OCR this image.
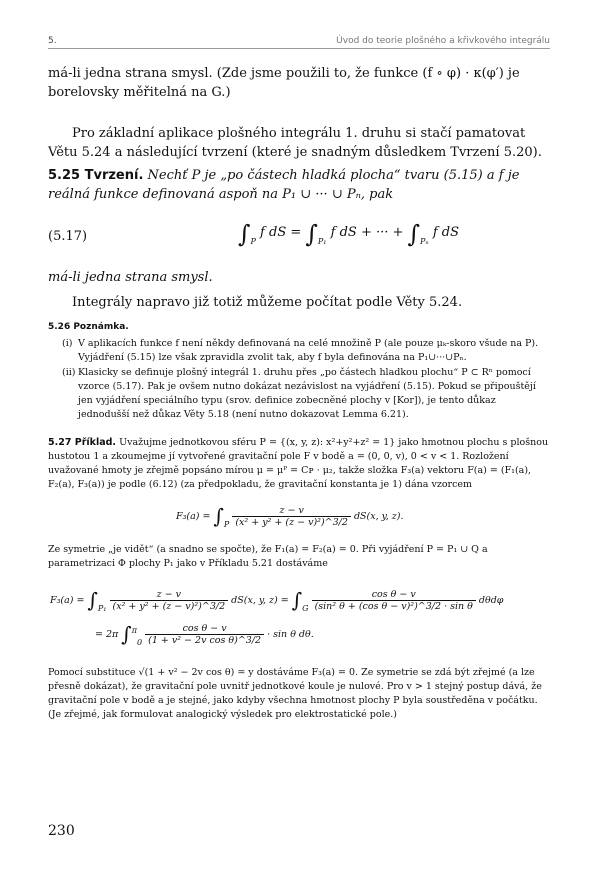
5.	Úvod do teorie plošného a křivkového integrálu
má-li jedna strana smysl. (Zde jsme použili to, že funkce (f ∘ φ) · κ(φ′) je borelovsky měřitelná na G.)
Pro základní aplikace plošného integrálu 1. druhu si stačí pamatovat Větu 5.24 a následující tvrzení (které je snadným důsledkem Tvrzení 5.20).
5.25 Tvrzení. Nechť P je „po částech hladká plocha“ tvaru (5.15) a f je reálná funkce definovaná aspoň na P₁ ∪ ··· ∪ Pₙ, pak
(5.17)	$\int_P$ f dS = $\int_{P_1}$ f dS + ··· + $\int_{P_n}$ f dS
má-li jedna strana smysl.
Integrály napravo již totiž můžeme počítat podle Věty 5.24.
5.26 Poznámka.
(i) V aplikacích funkce f není někdy definovaná na celé množině P (ale pouze μₖ-skoro všude na P). Vyjádření (5.15) lze však zpravidla zvolit tak, aby f byla definována na P₁∪···∪Pₙ.
(ii) Klasicky se definuje plošný integrál 1. druhu přes „po částech hladkou plochu“ P ⊂ Rⁿ pomocí vzorce (5.17). Pak je ovšem nutno dokázat nezávislost na vyjádření (5.15). Pokud se připouštějí jen vyjádření speciálního typu (srov. definice zobecněné plochy v [Kor]), je tento důkaz jednodušší než důkaz Věty 5.18 (není nutno dokazovat Lemma 6.21).
5.27 Příklad. Uvažujme jednotkovou sféru P = {(x, y, z): x²+y²+z² = 1} jako hmotnou plochu s plošnou hustotou 1 a zkoumejme jí vytvořené gravitační pole F v bodě a = (0, 0, v), 0 < v < 1. Rozložení uvažované hmoty je zřejmě popsáno mírou μ = μᴾ = Cᴘ · μ₂, takže složka F₃(a) vektoru F(a) = (F₁(a), F₂(a), F₃(a)) je podle (6.12) (za předpokladu, že gravitační konstanta je 1) dána vzorcem
$F_3(a) = \int_P \frac{z - v}{\text{(x² + y² + (z − v)²)\textasciicircum{}3/2}} dS(x$, y, z).
Ze symetrie „je vidět“ (a snadno se spočte), že F₁(a) = F₂(a) = 0. Při vyjádření P = P₁ ∪ Q a parametrizaci Φ plochy P₁ jako v Příkladu 5.21 dostáváme
$F_3(a) = \int_{P_1} \frac{z - v}{\text{(x² + y² + (z − v)²)\textasciicircum{}3/2}} dS(x$, y, $z) = \int_G \frac{\text{cos θ − v}}{\text{(sin² θ + (cos θ − v)²)\textasciicircum{}3/2 · sin θ}}$ dθdφ
= 2π $\int^\pi_0 \frac{\text{cos θ − v}}{\text{(1 + v² − 2v cos θ)\textasciicircum{}3/2}} \cdot \sin \theta$ dθ.
Pomocí substituce √(1 + v² − 2v cos θ) = y dostáváme F₃(a) = 0. Ze symetrie se zdá být zřejmé (a lze přesně dokázat), že gravitační pole uvnitř jednotkové koule je nulové. Pro v > 1 stejný postup dává, že gravitační pole v bodě a je stejné, jako kdyby všechna hmotnost plochy P byla soustředěna v počátku. (Je zřejmé, jak formulovat analogický výsledek pro elektrostatické pole.)
230
